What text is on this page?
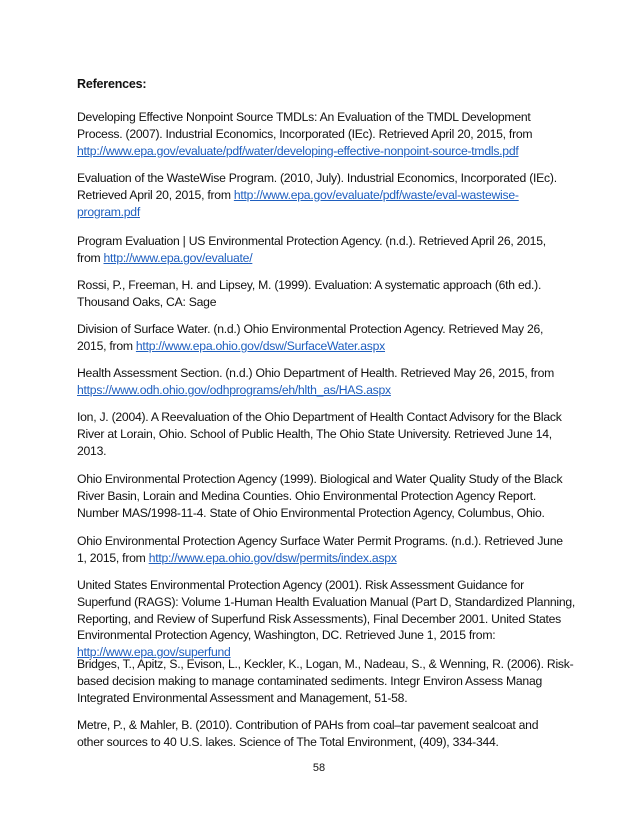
References:
Developing Effective Nonpoint Source TMDLs: An Evaluation of the TMDL Development
Process. (2007). Industrial Economics, Incorporated (IEc). Retrieved April 20, 2015, from
http://www.epa.gov/evaluate/pdf/water/developing-effective-nonpoint-source-tmdls.pdf
Evaluation of the WasteWise Program. (2010, July). Industrial Economics, Incorporated (IEc).
Retrieved April 20, 2015, from http://www.epa.gov/evaluate/pdf/waste/eval-wastewise-
program.pdf
Program Evaluation | US Environmental Protection Agency. (n.d.). Retrieved April 26, 2015,
from http://www.epa.gov/evaluate/
Rossi, P., Freeman, H. and Lipsey, M. (1999). Evaluation: A systematic approach (6th ed.).
Thousand Oaks, CA: Sage
Division of Surface Water. (n.d.) Ohio Environmental Protection Agency. Retrieved May 26,
2015, from http://www.epa.ohio.gov/dsw/SurfaceWater.aspx
Health Assessment Section. (n.d.) Ohio Department of Health. Retrieved May 26, 2015, from
https://www.odh.ohio.gov/odhprograms/eh/hlth_as/HAS.aspx
Ion, J. (2004). A Reevaluation of the Ohio Department of Health Contact Advisory for the Black
River at Lorain, Ohio. School of Public Health, The Ohio State University. Retrieved June 14,
2013.
Ohio Environmental Protection Agency (1999). Biological and Water Quality Study of the Black
River Basin, Lorain and Medina Counties. Ohio Environmental Protection Agency Report.
Number MAS/1998-11-4. State of Ohio Environmental Protection Agency, Columbus, Ohio.
Ohio Environmental Protection Agency Surface Water Permit Programs. (n.d.). Retrieved June
1, 2015, from http://www.epa.ohio.gov/dsw/permits/index.aspx
United States Environmental Protection Agency (2001). Risk Assessment Guidance for
Superfund (RAGS): Volume 1-Human Health Evaluation Manual (Part D, Standardized Planning,
Reporting, and Review of Superfund Risk Assessments), Final December 2001. United States
Environmental Protection Agency, Washington, DC. Retrieved June 1, 2015 from:
http://www.epa.gov/superfund
Bridges, T., Apitz, S., Evison, L., Keckler, K., Logan, M., Nadeau, S., & Wenning, R. (2006). Risk-
based decision making to manage contaminated sediments. Integr Environ Assess Manag
Integrated Environmental Assessment and Management, 51-58.
Metre, P., & Mahler, B. (2010). Contribution of PAHs from coal–tar pavement sealcoat and
other sources to 40 U.S. lakes. Science of The Total Environment, (409), 334-344.
58
